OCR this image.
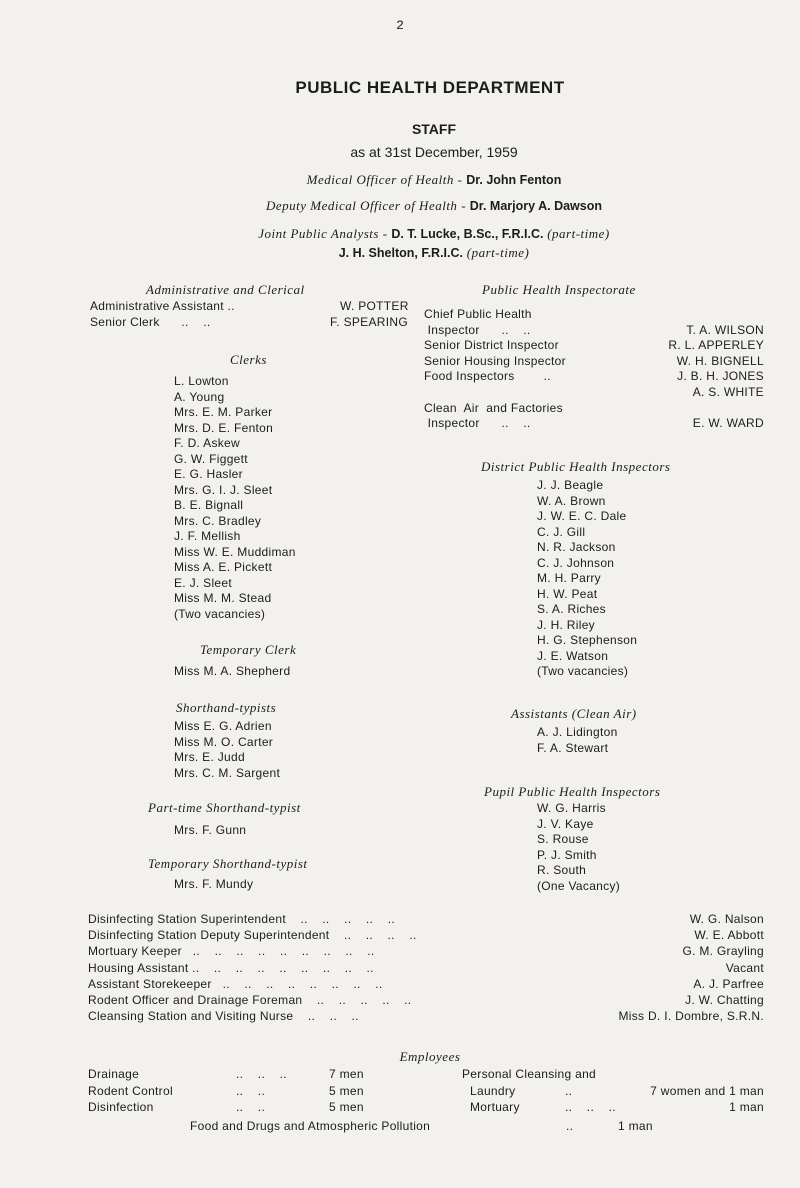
2
PUBLIC HEALTH DEPARTMENT
STAFF
as at 31st December, 1959
Medical Officer of Health - Dr. John Fenton
Deputy Medical Officer of Health - Dr. Marjory A. Dawson
Joint Public Analysts - D. T. Lucke, B.Sc., F.R.I.C. (part-time)
J. H. Shelton, F.R.I.C. (part-time)
Administrative and Clerical
Administrative Assistant ..	W. POTTER
Senior Clerk      ..    ..	F. SPEARING
Clerks
L. Lowton
A. Young
Mrs. E. M. Parker
Mrs. D. E. Fenton
F. D. Askew
G. W. Figgett
E. G. Hasler
Mrs. G. I. J. Sleet
B. E. Bignall
Mrs. C. Bradley
J. F. Mellish
Miss W. E. Muddiman
Miss A. E. Pickett
E. J. Sleet
Miss M. M. Stead
(Two vacancies)
Temporary Clerk
Miss M. A. Shepherd
Shorthand-typists
Miss E. G. Adrien
Miss M. O. Carter
Mrs. E. Judd
Mrs. C. M. Sargent
Part-time Shorthand-typist
Mrs. F. Gunn
Temporary Shorthand-typist
Mrs. F. Mundy
Public Health Inspectorate
Chief Public Health
Inspector      ..    ..	T. A. WILSON
Senior District Inspector	R. L. APPERLEY
Senior Housing Inspector	W. H. BIGNELL
Food Inspectors        ..	J. B. H. JONES
A. S. WHITE
Clean  Air  and Factories
Inspector      ..    ..	E. W. WARD
District Public Health Inspectors
J. J. Beagle
W. A. Brown
J. W. E. C. Dale
C. J. Gill
N. R. Jackson
C. J. Johnson
M. H. Parry
H. W. Peat
S. A. Riches
J. H. Riley
H. G. Stephenson
J. E. Watson
(Two vacancies)
Assistants (Clean Air)
A. J. Lidington
F. A. Stewart
Pupil Public Health Inspectors
W. G. Harris
J. V. Kaye
S. Rouse
P. J. Smith
R. South
(One Vacancy)
Disinfecting Station Superintendent    ..    ..    ..    ..    ..	W. G. Nalson
Disinfecting Station Deputy Superintendent    ..    ..    ..    ..	W. E. Abbott
Mortuary Keeper   ..    ..    ..    ..    ..    ..    ..    ..    ..	G. M. Grayling
Housing Assistant ..    ..    ..    ..    ..    ..    ..    ..    ..	Vacant
Assistant Storekeeper   ..    ..    ..    ..    ..    ..    ..    ..	A. J. Parfree
Rodent Officer and Drainage Foreman    ..    ..    ..    ..    ..	J. W. Chatting
Cleansing Station and Visiting Nurse    ..    ..    ..	Miss D. I. Dombre, S.R.N.
Employees
Drainage	..    ..    ..	7 men	Personal Cleansing and
Rodent Control	..    ..	5 men	Laundry	..	7 women and 1 man
Disinfection	..    ..	5 men	Mortuary	..    ..    ..	1 man
Food and Drugs and Atmospheric Pollution	..	1 man
